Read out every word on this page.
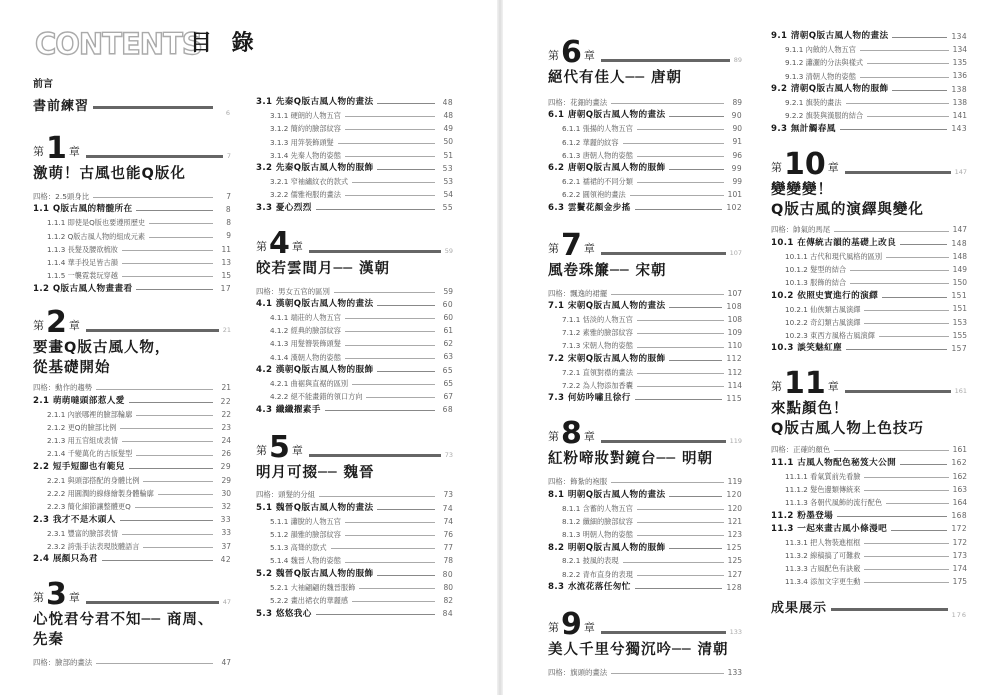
CONTENTS
目 錄
前言
書前練習	6
第 1 章	7
激萌！古風也能Q版化
四格：2.5頭身比	7
1.1 Q版古風的精髓所在	8
1.1.1 即使是Q版也要遵照歷史	8
1.1.2 Q版古風人物的組成元素	9
1.1.3 長髮及腰欲梳妝	11
1.1.4 華手投足皆古韻	13
1.1.5 一襲霓裳玩穿越	15
1.2 Q版古風人物畫畫看	17
第 2 章	21
要畫Q版古風人物，
從基礎開始
四格：動作的趨勢	21
2.1 萌萌噠頭部惹人愛	22
2.1.1 內嵌哪裡的臉部輪廓	22
2.1.2 更Q的臉部比例	23
2.1.3 用五官組成表情	24
2.1.4 千變萬化的古版髮型	26
2.2 短手短腳也有範兒	29
2.2.1 與頭部搭配的身體比例	29
2.2.2 用圓潤的線條繪製身體輪廓	30
2.2.3 簡化細節讓整體更Q	32
2.3 我才不是木頭人	33
2.3.1 豐富的臉部表情	33
2.3.2 誇張手法表現肢體語言	37
2.4 展顏只為君	42
第 3 章	47
心悅君兮君不知── 商周、
先秦
四格：臉部的畫法	47
3.1 先秦Q版古風人物的畫法	48
3.1.1 硬朗的人物五官	48
3.1.2 簡約的臉部紋容	49
3.1.3 用笄裝飾頭髮	50
3.1.4 先秦人物的姿態	51
3.2 先秦Q版古風人物的服飾	53
3.2.1 窄袖繡紋衣的款式	53
3.2.2 儒雅袍服的畫法	54
3.3 憂心烈烈	55
第 4 章	59
皎若雲間月── 漢朝
四格：男女五官的區別	59
4.1 漢朝Q版古風人物的畫法	60
4.1.1 端莊的人物五官	60
4.1.2 經典的臉部紋容	61
4.1.3 用髮簪裝飾頭髮	62
4.1.4 漢朝人物的姿態	63
4.2 漢朝Q版古風人物的服飾	65
4.2.1 曲裾與直裾的區別	65
4.2.2 絕不能畫錯的領口方向	67
4.3 纖纖擢素手	68
第 5 章	73
明月可掇── 魏晉
四格：頭髮的分組	73
5.1 魏晉Q版古風人物的畫法	74
5.1.1 瀟脫的人物五官	74
5.1.2 韻雅的臉部紋容	76
5.1.3 高聳的款式	77
5.1.4 魏晉人物的姿態	78
5.2 魏晉Q版古風人物的服飾	80
5.2.1 大袖翩翩的魏晉服飾	80
5.2.2 畫出裙衣的華麗感	82
5.3 悠悠我心	84
第 6 章	89
絕代有佳人── 唐朝
四格：花鈿的畫法	89
6.1 唐朝Q版古風人物的畫法	90
6.1.1 張揚的人物五官	90
6.1.2 華麗的紋容	91
6.1.3 唐朝人物的姿態	96
6.2 唐朝Q版古風人物的服飾	99
6.2.1 襦裙的不同分類	99
6.2.2 圓領袍的畫法	101
6.3 雲鬢花顏金步搖	102
第 7 章	107
風卷珠簾── 宋朝
四格：飄逸的裙擺	107
7.1 宋朝Q版古風人物的畫法	108
7.1.1 恬淡的人物五官	108
7.1.2 素雅的臉部紋容	109
7.1.3 宋朝人物的姿態	110
7.2 宋朝Q版古風人物的服飾	112
7.2.1 直領對襟的畫法	112
7.2.2 為人物添加香囊	114
7.3 何妨吟嘯且徐行	115
第 8 章	119
紅粉啼妝對鏡台── 明朝
四格：飾紮的袍服	119
8.1 明朝Q版古風人物的畫法	120
8.1.1 含蓄的人物五官	120
8.1.2 纖細的臉部紋容	121
8.1.3 明朝人物的姿態	123
8.2 明朝Q版古風人物的服飾	125
8.2.1 披風的表現	125
8.2.2 青布直身的表現	127
8.3 水流花落任匆忙	128
第 9 章	133
美人千里兮獨沉吟── 清朝
四格：旗頭的畫法	133
9.1 清朝Q版古風人物的畫法	134
9.1.1 內斂的人物五官	134
9.1.2 瀟灑的分法與樣式	135
9.1.3 清朝人物的姿態	136
9.2 清朝Q版古風人物的服飾	138
9.2.1 旗裝的畫法	138
9.2.2 旗裝與漢服的結合	141
9.3 無計觸春風	143
第 10 章	147
變變變！
Q版古風的演繹與變化
四格：帥氣的馬尾	147
10.1 在傳統古韻的基礎上改良	148
10.1.1 古代和現代風格的區別	148
10.1.2 髮型的結合	149
10.1.3 服飾的結合	150
10.2 依照史實進行的演繹	151
10.2.1 仙俠類古風演繹	151
10.2.2 奇幻類古風演繹	153
10.2.3 東西方風格古風演繹	155
10.3 談笑魅紅塵	157
第 11 章	161
來點顏色！
Q版古風人物上色技巧
四格：正確的顏色	161
11.1 古風人物配色秘笈大公開	162
11.1.1 看氣質前先看臉	162
11.1.2 髮色邊類傳統來	163
11.1.3 各朝代風飾的流行配色	164
11.2 粉墨登場	168
11.3 一起來畫古風小條漫吧	172
11.3.1 把人物裝進框框	172
11.3.2 線稿搞了可難救	173
11.3.3 古風配色有訣竅	174
11.3.4 添加文字更生動	175
成果展示	176
